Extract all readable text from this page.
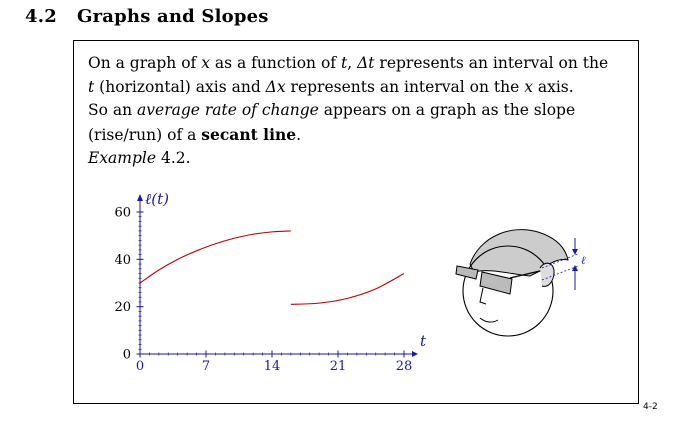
4.2 Graphs and Slopes

On a graph of x as a function of t, Δt represents an interval on the
t (horizontal) axis and Δx represents an interval on the x axis.
So an average rate of change appears on a graph as the slope
(rise/run) of a secant line.

Example 4.2.

0	7	14	21	28
0
20
40
60
ℓ(t)
t
ℓ
4-2
